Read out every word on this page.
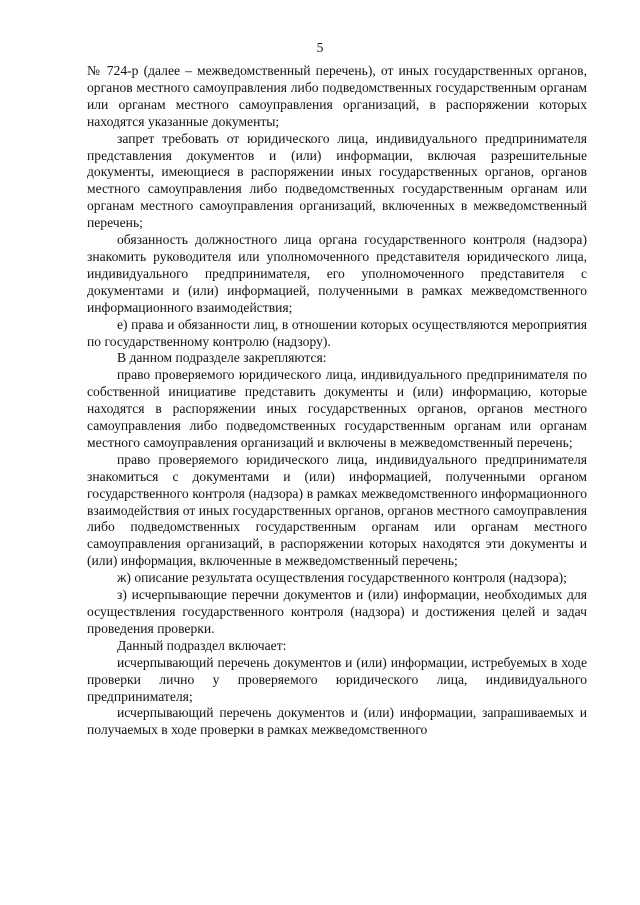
5

№ 724-р (далее – межведомственный перечень), от иных государственных органов, органов местного самоуправления либо подведомственных государственным органам или органам местного самоуправления организаций, в распоряжении которых находятся указанные документы;

запрет требовать от юридического лица, индивидуального предпринимателя представления документов и (или) информации, включая разрешительные документы, имеющиеся в распоряжении иных государственных органов, органов местного самоуправления либо подведомственных государственным органам или органам местного самоуправления организаций, включенных в межведомственный перечень;

обязанность должностного лица органа государственного контроля (надзора) знакомить руководителя или уполномоченного представителя юридического лица, индивидуального предпринимателя, его уполномоченного представителя с документами и (или) информацией, полученными в рамках межведомственного информационного взаимодействия;

е) права и обязанности лиц, в отношении которых осуществляются мероприятия по государственному контролю (надзору).

В данном подразделе закрепляются:

право проверяемого юридического лица, индивидуального предпринимателя по собственной инициативе представить документы и (или) информацию, которые находятся в распоряжении иных государственных органов, органов местного самоуправления либо подведомственных государственным органам или органам местного самоуправления организаций и включены в межведомственный перечень;

право проверяемого юридического лица, индивидуального предпринимателя знакомиться с документами и (или) информацией, полученными органом государственного контроля (надзора) в рамках межведомственного информационного взаимодействия от иных государственных органов, органов местного самоуправления либо подведомственных государственным органам или органам местного самоуправления организаций, в распоряжении которых находятся эти документы и (или) информация, включенные в межведомственный перечень;

ж) описание результата осуществления государственного контроля (надзора);

з) исчерпывающие перечни документов и (или) информации, необходимых для осуществления государственного контроля (надзора) и достижения целей и задач проведения проверки.

Данный подраздел включает:

исчерпывающий перечень документов и (или) информации, истребуемых в ходе проверки лично у проверяемого юридического лица, индивидуального предпринимателя;

исчерпывающий перечень документов и (или) информации, запрашиваемых и получаемых в ходе проверки в рамках межведомственного
